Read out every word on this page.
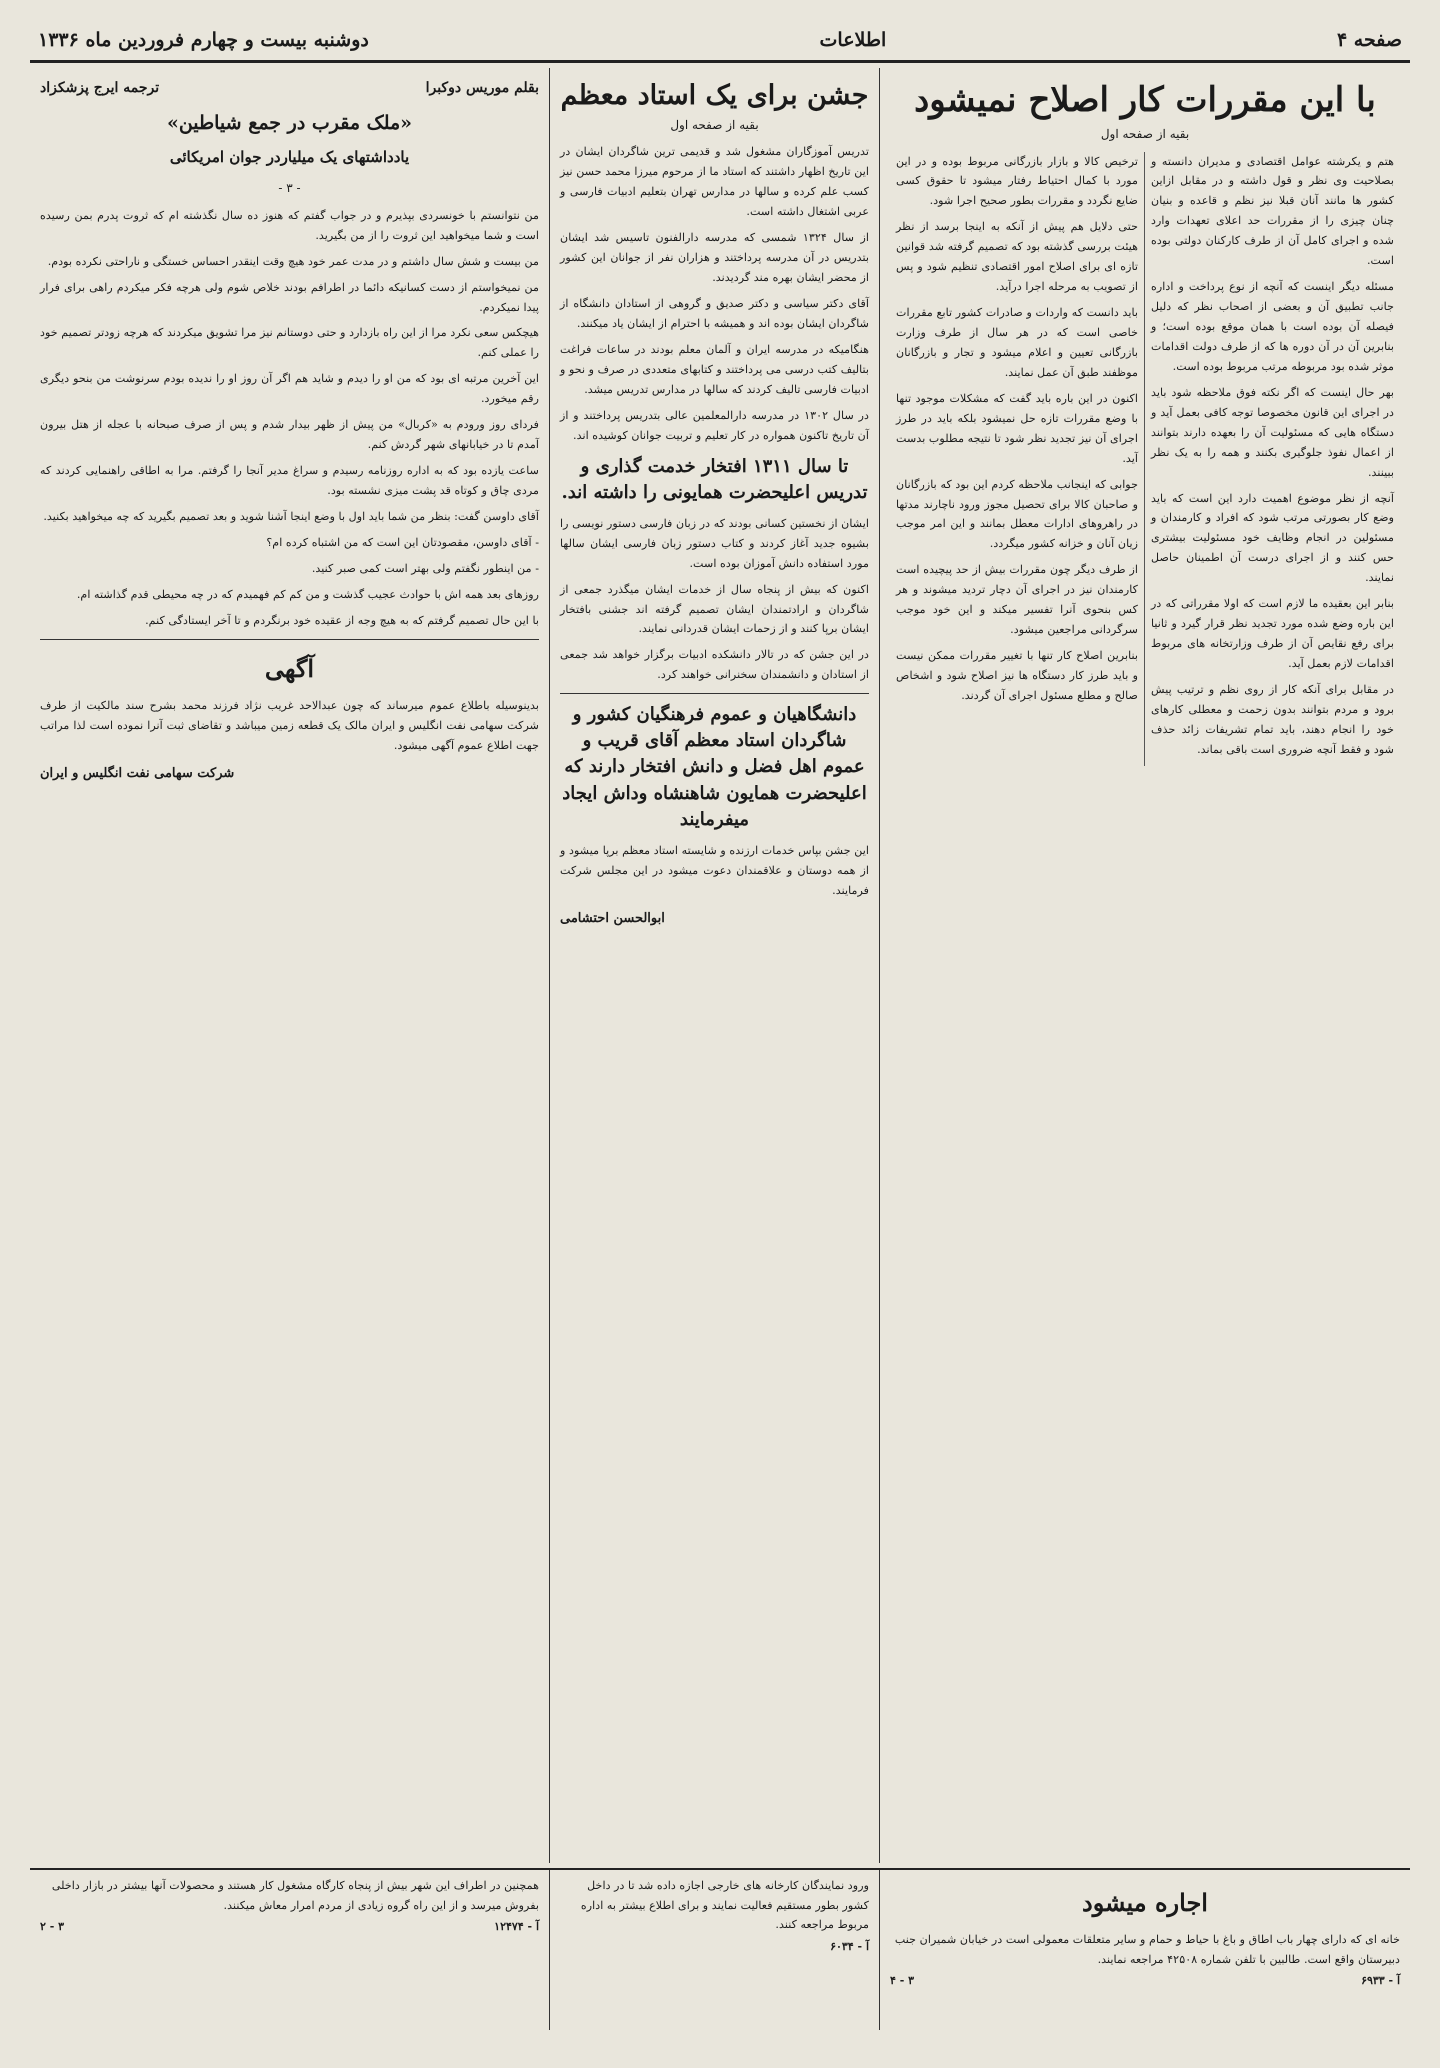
صفحه ۴
اطلاعات
دوشنبه بیست و چهارم فروردین ماه ۱۳۳۶
با این مقررات کار اصلاح نمیشود
بقیه از صفحه اول

هتم و یکرشته عوامل اقتصادی و مدیران دانسته و بصلاحیت وی نظر و قول داشته و در مقابل ازاین کشور ها مانند آنان قبلا نیز نظم و قاعده و بنیان چنان چیزی را از مقررات حد اعلای تعهدات وارد شده و اجرای کامل آن از طرف کارکنان دولتی بوده است.

مسئله دیگر اینست که آنچه از نوع پرداخت و اداره جانب تطبیق آن و بعضی از اصحاب نظر که دلیل فیصله آن بوده است با همان موقع بوده است؛ و بنابرین آن در آن دوره ها که از طرف دولت اقدامات موثر شده بود مربوطه مرتب مربوط بوده است.

بهر حال اینست که اگر نکته فوق ملاحظه شود باید در اجرای این قانون مخصوصا توجه کافی بعمل آید و دستگاه هایی که مسئولیت آن را بعهده دارند بتوانند از اعمال نفوذ جلوگیری بکنند و همه را به یک نظر ببینند.

آنچه از نظر موضوع اهمیت دارد این است که باید وضع کار بصورتی مرتب شود که افراد و کارمندان و مسئولین در انجام وظایف خود مسئولیت بیشتری حس کنند و از اجرای درست آن اطمینان حاصل نمایند.

بنابر این بعقیده ما لازم است که اولا مقرراتی که در این باره وضع شده مورد تجدید نظر قرار گیرد و ثانیا برای رفع نقایص آن از طرف وزارتخانه های مربوط اقدامات لازم بعمل آید.

در مقابل برای آنکه کار از روی نظم و ترتیب پیش برود و مردم بتوانند بدون زحمت و معطلی کارهای خود را انجام دهند، باید تمام تشریفات زائد حذف شود و فقط آنچه ضروری است باقی بماند.

ترخیص کالا و بازار بازرگانی مربوط بوده و در این مورد با کمال احتیاط رفتار میشود تا حقوق کسی ضایع نگردد و مقررات بطور صحیح اجرا شود.

حتی دلایل هم پیش از آنکه به اینجا برسد از نظر هیئت بررسی گذشته بود که تصمیم گرفته شد قوانین تازه ای برای اصلاح امور اقتصادی تنظیم شود و پس از تصویب به مرحله اجرا درآید.

باید دانست که واردات و صادرات کشور تابع مقررات خاصی است که در هر سال از طرف وزارت بازرگانی تعیین و اعلام میشود و تجار و بازرگانان موظفند طبق آن عمل نمایند.

اکنون در این باره باید گفت که مشکلات موجود تنها با وضع مقررات تازه حل نمیشود بلکه باید در طرز اجرای آن نیز تجدید نظر شود تا نتیجه مطلوب بدست آید.

جوابی که اینجانب ملاحظه کردم این بود که بازرگانان و صاحبان کالا برای تحصیل مجوز ورود ناچارند مدتها در راهروهای ادارات معطل بمانند و این امر موجب زیان آنان و خزانه کشور میگردد.

از طرف دیگر چون مقررات بیش از حد پیچیده است کارمندان نیز در اجرای آن دچار تردید میشوند و هر کس بنحوی آنرا تفسیر میکند و این خود موجب سرگردانی مراجعین میشود.

بنابرین اصلاح کار تنها با تغییر مقررات ممکن نیست و باید طرز کار دستگاه ها نیز اصلاح شود و اشخاص صالح و مطلع مسئول اجرای آن گردند.

جشن برای یک استاد معظم
بقیه از صفحه اول

تدریس آموزگاران مشغول شد و قدیمی ترین شاگردان ایشان در این تاریخ اظهار داشتند که استاد ما از مرحوم میرزا محمد حسن نیز کسب علم کرده و سالها در مدارس تهران بتعلیم ادبیات فارسی و عربی اشتغال داشته است.

از سال ۱۳۲۴ شمسی که مدرسه دارالفنون تاسیس شد ایشان بتدریس در آن مدرسه پرداختند و هزاران نفر از جوانان این کشور از محضر ایشان بهره مند گردیدند.

آقای دکتر سیاسی و دکتر صدیق و گروهی از استادان دانشگاه از شاگردان ایشان بوده اند و همیشه با احترام از ایشان یاد میکنند.

هنگامیکه در مدرسه ایران و آلمان معلم بودند در ساعات فراغت بتالیف کتب درسی می پرداختند و کتابهای متعددی در صرف و نحو و ادبیات فارسی تالیف کردند که سالها در مدارس تدریس میشد.

در سال ۱۳۰۲ در مدرسه دارالمعلمین عالی بتدریس پرداختند و از آن تاریخ تاکنون همواره در کار تعلیم و تربیت جوانان کوشیده اند.

تا سال ۱۳۱۱ افتخار خدمت گذاری و تدریس اعلیحضرت همایونی را داشته اند.

ایشان از نخستین کسانی بودند که در زبان فارسی دستور نویسی را بشیوه جدید آغاز کردند و کتاب دستور زبان فارسی ایشان سالها مورد استفاده دانش آموزان بوده است.

اکنون که بیش از پنجاه سال از خدمات ایشان میگذرد جمعی از شاگردان و ارادتمندان ایشان تصمیم گرفته اند جشنی بافتخار ایشان برپا کنند و از زحمات ایشان قدردانی نمایند.

در این جشن که در تالار دانشکده ادبیات برگزار خواهد شد جمعی از استادان و دانشمندان سخنرانی خواهند کرد.

دانشگاهیان و عموم فرهنگیان کشور و شاگردان استاد معظم آقای قریب و عموم اهل فضل و دانش افتخار دارند که اعلیحضرت همایون شاهنشاه وداش ایجاد میفرمایند

این جشن بپاس خدمات ارزنده و شایسته استاد معظم برپا میشود و از همه دوستان و علاقمندان دعوت میشود در این مجلس شرکت فرمایند.

ابوالحسن احتشامی
بقلم موریس دوکبرا
ترجمه ایرج پزشکزاد
«ملک مقرب در جمع شیاطین»
یادداشتهای یک میلیاردر جوان امریکائی
- ۳ -

من نتوانستم با خونسردی بپذیرم و در جواب گفتم که هنوز ده سال نگذشته ام که ثروت پدرم بمن رسیده است و شما میخواهید این ثروت را از من بگیرید.

من بیست و شش سال داشتم و در مدت عمر خود هیچ وقت اینقدر احساس خستگی و ناراحتی نکرده بودم.

من نمیخواستم از دست کسانیکه دائما در اطرافم بودند خلاص شوم ولی هرچه فکر میکردم راهی برای فرار پیدا نمیکردم.

هیچکس سعی نکرد مرا از این راه بازدارد و حتی دوستانم نیز مرا تشویق میکردند که هرچه زودتر تصمیم خود را عملی کنم.

این آخرین مرتبه ای بود که من او را دیدم و شاید هم اگر آن روز او را ندیده بودم سرنوشت من بنحو دیگری رقم میخورد.

فردای روز ورودم به «کربال» من پیش از ظهر بیدار شدم و پس از صرف صبحانه با عجله از هتل بیرون آمدم تا در خیابانهای شهر گردش کنم.

ساعت یازده بود که به اداره روزنامه رسیدم و سراغ مدیر آنجا را گرفتم. مرا به اطاقی راهنمایی کردند که مردی چاق و کوتاه قد پشت میزی نشسته بود.

آقای داوسن گفت: بنظر من شما باید اول با وضع اینجا آشنا شوید و بعد تصمیم بگیرید که چه میخواهید بکنید.

- آقای داوسن، مقصودتان این است که من اشتباه کرده ام؟

- من اینطور نگفتم ولی بهتر است کمی صبر کنید.

روزهای بعد همه اش با حوادث عجیب گذشت و من کم کم فهمیدم که در چه محیطی قدم گذاشته ام.

با این حال تصمیم گرفتم که به هیچ وجه از عقیده خود برنگردم و تا آخر ایستادگی کنم.

آگهی

بدینوسیله باطلاع عموم میرساند که چون عبدالاحد غریب نژاد فرزند محمد بشرح سند مالکیت از طرف شرکت سهامی نفت انگلیس و ایران مالک یک قطعه زمین میباشد و تقاضای ثبت آنرا نموده است لذا مراتب جهت اطلاع عموم آگهی میشود.

شرکت سهامی نفت انگلیس و ایران
اجاره میشود
خانه ای که دارای چهار باب اطاق و باغ با حیاط و حمام و سایر متعلقات معمولی است در خیابان شمیران جنب دبیرستان واقع است. طالبین با تلفن شماره ۴۲۵۰۸ مراجعه نمایند.
آ - ۶۹۳۳
۳ - ۴
ورود نمایندگان کارخانه های خارجی اجازه داده شد تا در داخل کشور بطور مستقیم فعالیت نمایند و برای اطلاع بیشتر به اداره مربوط مراجعه کنند.
آ - ۶۰۳۴
همچنین در اطراف این شهر بیش از پنجاه کارگاه مشغول کار هستند و محصولات آنها بیشتر در بازار داخلی بفروش میرسد و از این راه گروه زیادی از مردم امرار معاش میکنند.
آ - ۱۲۴۷۴
۳ - ۲
